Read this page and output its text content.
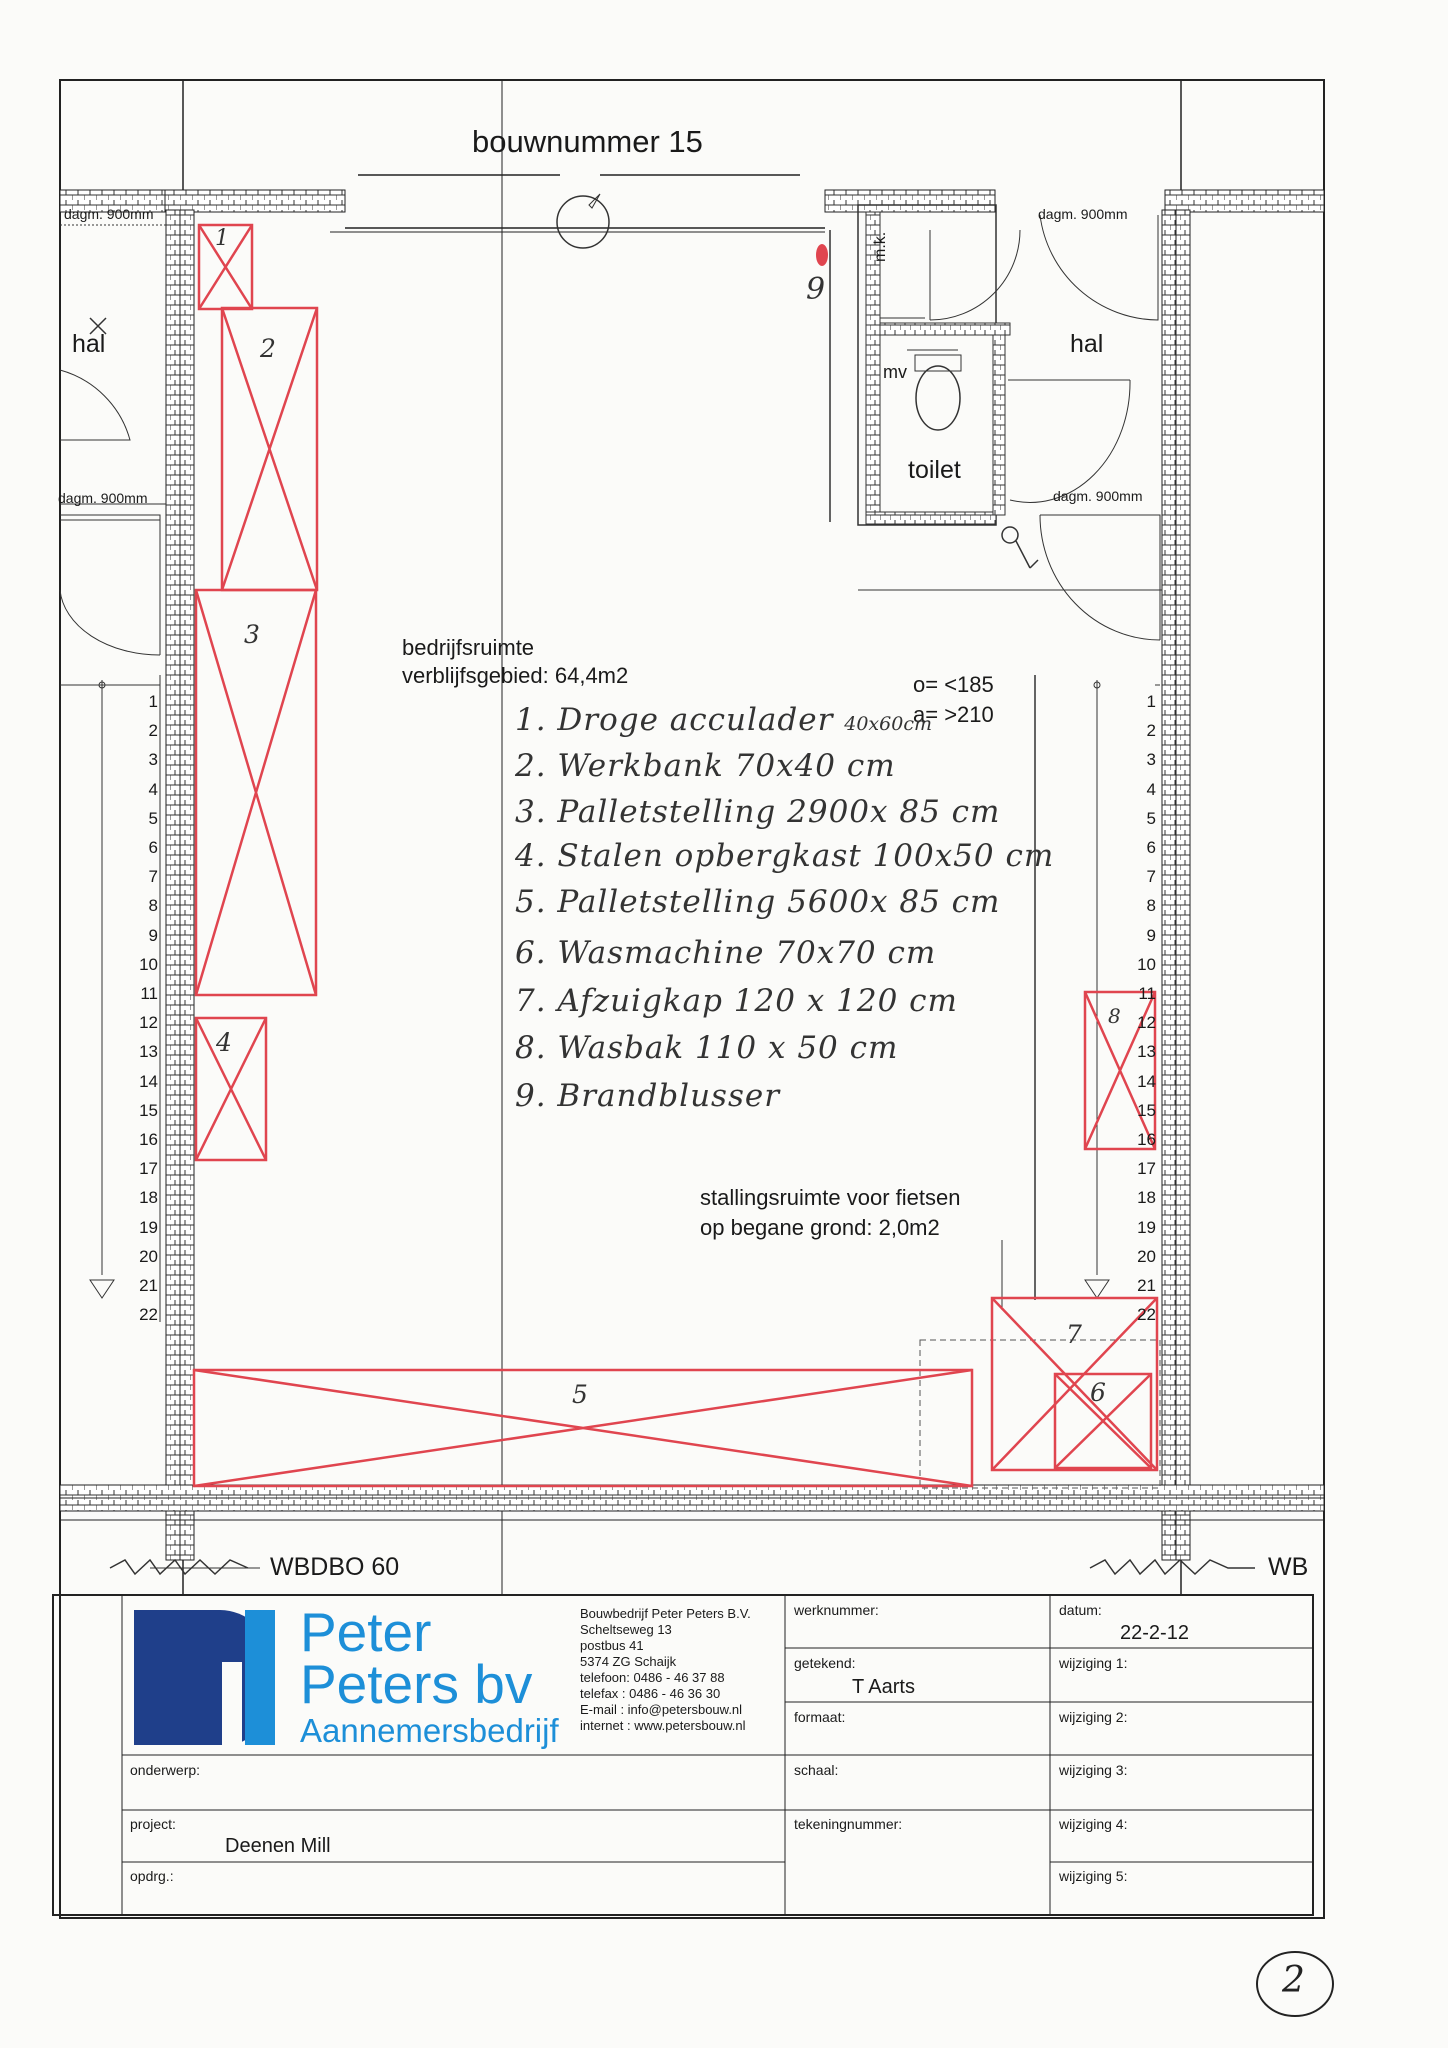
bouwnummer 15
dagm. 900mm
dagm. 900mm
dagm. 900mm
dagm. 900mm
hal	hal
toilet
m.k.
mv
bedrijfsruimte
verblijfsgebied: 64,4m2	o= <185
a= >210
1. Droge acculader 40x60cm
2. Werkbank 70x40 cm
3. Palletstelling 2900x 85 cm
4. Stalen opbergkast 100x50 cm
5. Palletstelling 5600x 85 cm
6. Wasmachine 70x70 cm
7. Afzuigkap 120 x 120 cm
8. Wasbak 110 x 50 cm
9. Brandblusser
1
2
3
4
5	6
7
8
9
stallingsruimte voor fietsen
op begane grond: 2,0m2
1
2
3
4
5
6
7
8
9
10
11
12
13
14
15
16
17
18
19
20
21
22
1
2
3
4
5
6
7
8
9
10
11
12
13
14
15
16
17
18
19
20
21
22
WBDBO 60	WB
Peter
Peters bv
Aannemersbedrijf
Bouwbedrijf Peter Peters B.V.
Scheltseweg 13
postbus 41
5374 ZG Schaijk
telefoon: 0486 - 46 37 88
telefax : 0486 - 46 36 30
E-mail : info@petersbouw.nl
internet : www.petersbouw.nl
werknummer:
getekend:
T Aarts
formaat:
schaal:
tekeningnummer:
datum:
22-2-12
wijziging 1:
wijziging 2:
wijziging 3:
wijziging 4:
wijziging 5:
onderwerp:
project:
Deenen Mill
opdrg.:
2
